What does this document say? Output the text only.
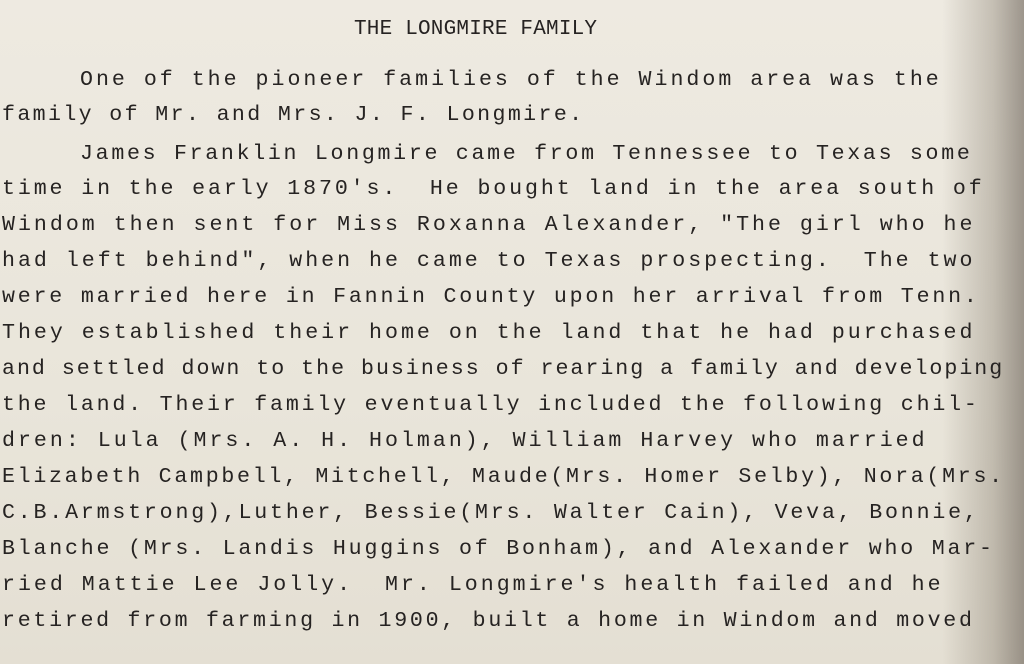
THE LONGMIRE FAMILY
One of the pioneer families of the Windom area was the
family of Mr. and Mrs. J. F. Longmire.
James Franklin Longmire came from Tennessee to Texas some
time in the early 1870's.  He bought land in the area south of
Windom then sent for Miss Roxanna Alexander, "The girl who he
had left behind", when he came to Texas prospecting.  The two
were married here in Fannin County upon her arrival from Tenn.
They established their home on the land that he had purchased
and settled down to the business of rearing a family and developing
the land. Their family eventually included the following chil-
dren: Lula (Mrs. A. H. Holman), William Harvey who married
Elizabeth Campbell, Mitchell, Maude(Mrs. Homer Selby), Nora(Mrs.
C.B.Armstrong),Luther, Bessie(Mrs. Walter Cain), Veva, Bonnie,
Blanche (Mrs. Landis Huggins of Bonham), and Alexander who Mar-
ried Mattie Lee Jolly.  Mr. Longmire's health failed and he
retired from farming in 1900, built a home in Windom and moved
